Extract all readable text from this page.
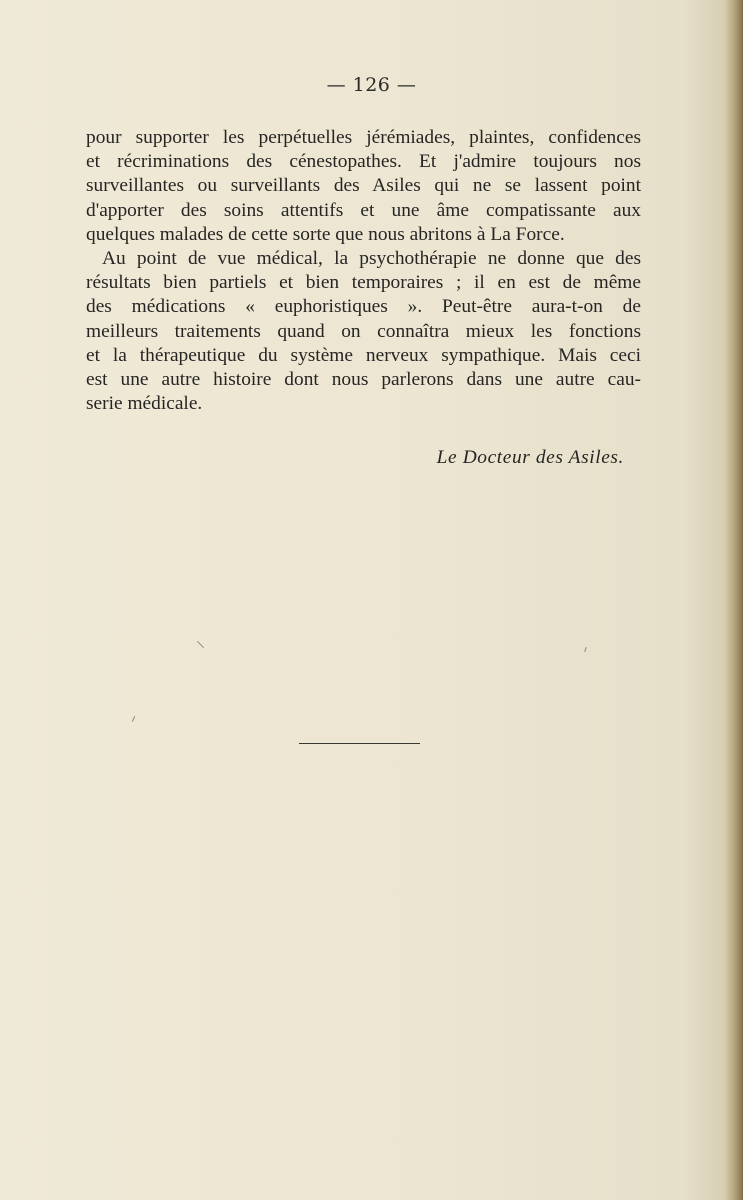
— 126 —
pour supporter les perpétuelles jérémiades, plaintes, confidences
et récriminations des cénestopathes. Et j'admire toujours nos
surveillantes ou surveillants des Asiles qui ne se lassent point
d'apporter des soins attentifs et une âme compatissante aux
quelques malades de cette sorte que nous abritons à La Force.
Au point de vue médical, la psychothérapie ne donne que des
résultats bien partiels et bien temporaires ; il en est de même
des médications « euphoristiques ». Peut-être aura-t-on de
meilleurs traitements quand on connaîtra mieux les fonctions
et la thérapeutique du système nerveux sympathique. Mais ceci
est une autre histoire dont nous parlerons dans une autre cau-
serie médicale.
Le Docteur des Asiles.
